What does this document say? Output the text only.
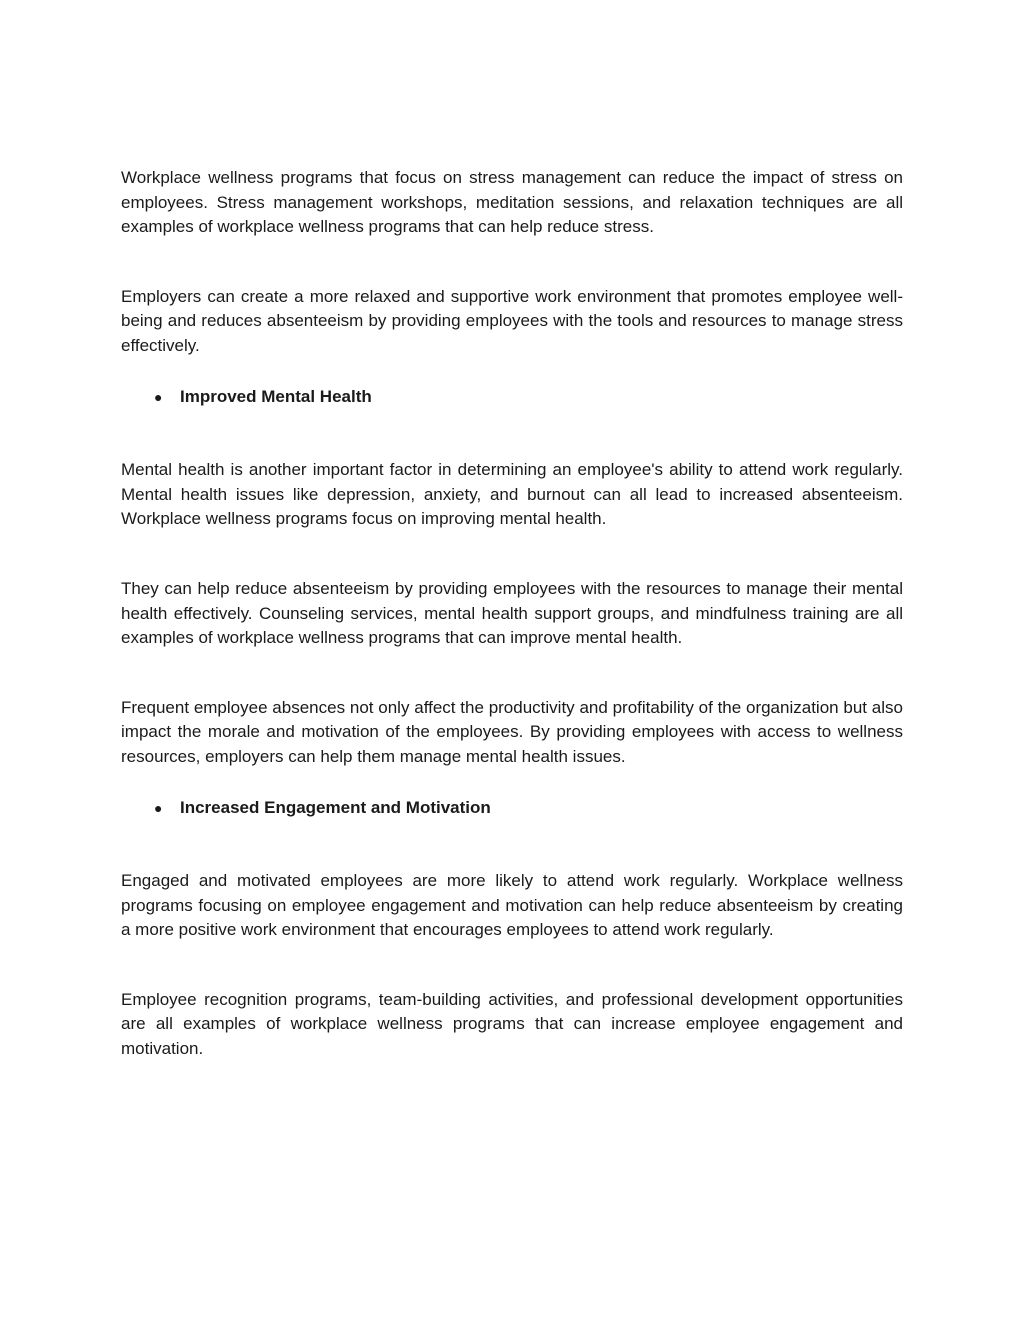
Workplace wellness programs that focus on stress management can reduce the impact of stress on employees. Stress management workshops, meditation sessions, and relaxation techniques are all examples of workplace wellness programs that can help reduce stress.

Employers can create a more relaxed and supportive work environment that promotes employee well-being and reduces absenteeism by providing employees with the tools and resources to manage stress effectively.

●	Improved Mental Health

Mental health is another important factor in determining an employee's ability to attend work regularly. Mental health issues like depression, anxiety, and burnout can all lead to increased absenteeism. Workplace wellness programs focus on improving mental health.

They can help reduce absenteeism by providing employees with the resources to manage their mental health effectively. Counseling services, mental health support groups, and mindfulness training are all examples of workplace wellness programs that can improve mental health.

Frequent employee absences not only affect the productivity and profitability of the organization but also impact the morale and motivation of the employees. By providing employees with access to wellness resources, employers can help them manage mental health issues.

●	Increased Engagement and Motivation

Engaged and motivated employees are more likely to attend work regularly. Workplace wellness programs focusing on employee engagement and motivation can help reduce absenteeism by creating a more positive work environment that encourages employees to attend work regularly.

Employee recognition programs, team-building activities, and professional development opportunities are all examples of workplace wellness programs that can increase employee engagement and motivation.
